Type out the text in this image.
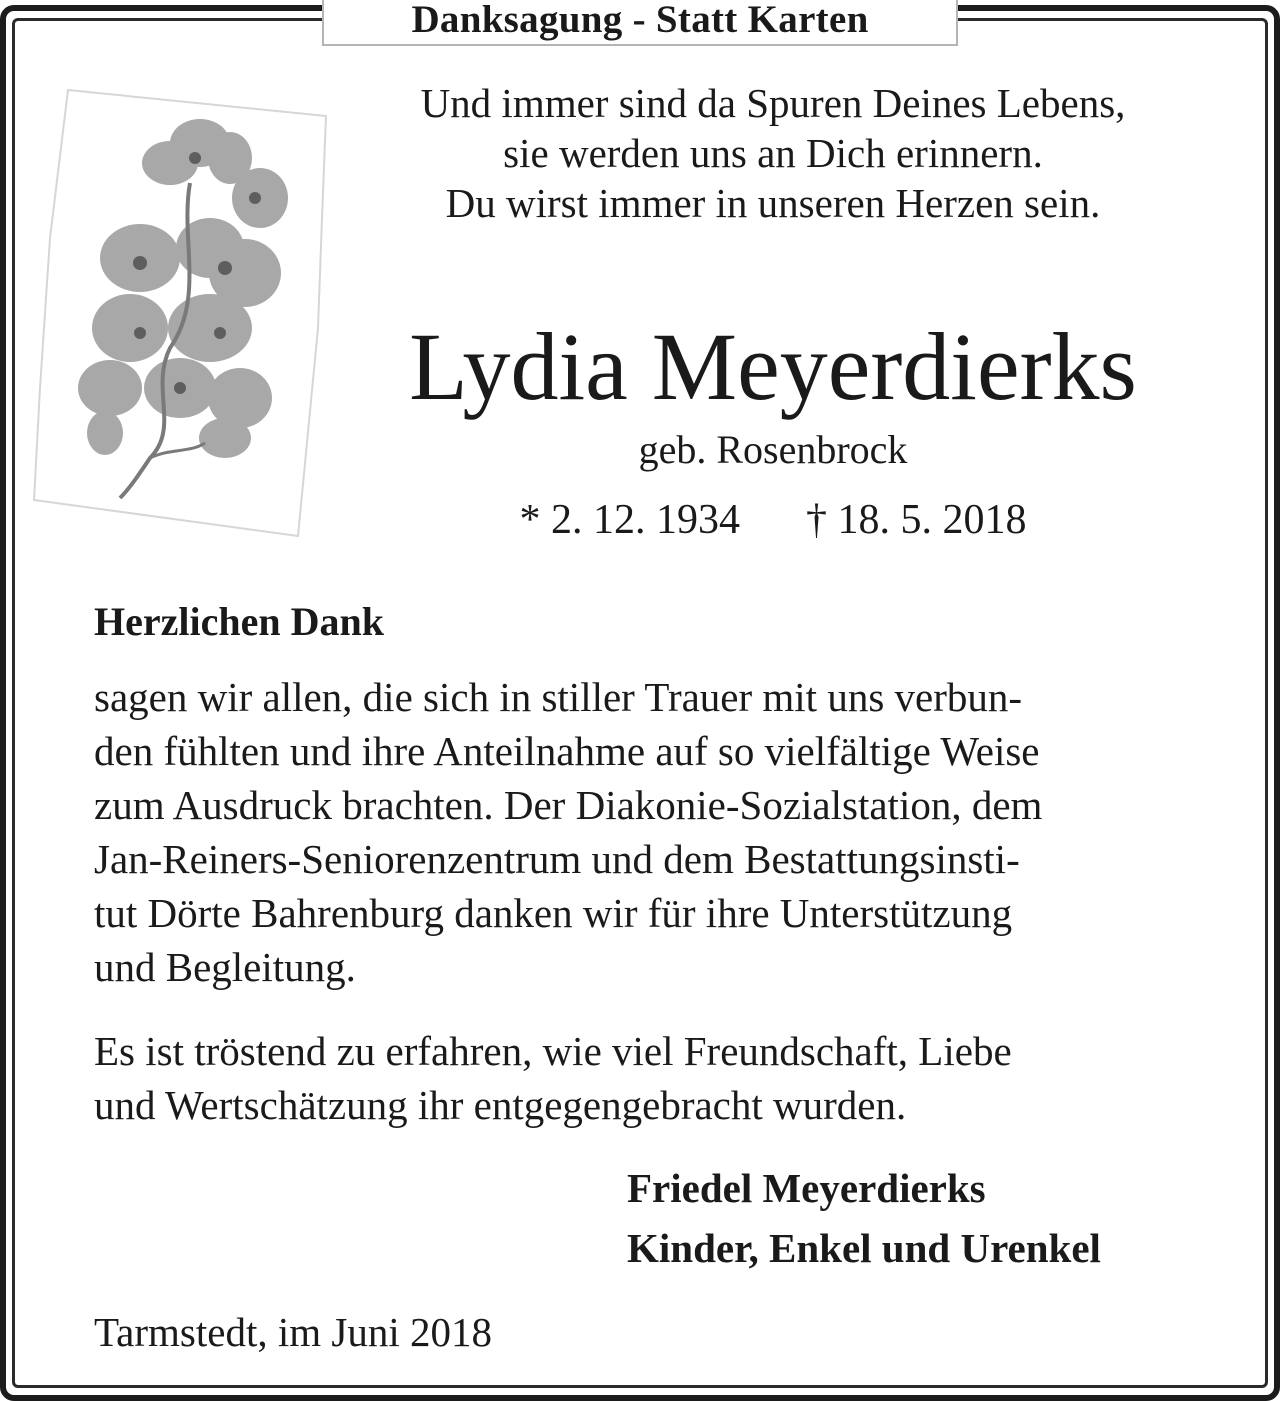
Danksagung - Statt Karten
Und immer sind da Spuren Deines Lebens,
sie werden uns an Dich erinnern.
Du wirst immer in unseren Herzen sein.
Lydia Meyerdierks
geb. Rosenbrock
* 2. 12. 1934 † 18. 5. 2018
Herzlichen Dank
sagen wir allen, die sich in stiller Trauer mit uns verbun-
den fühlten und ihre Anteilnahme auf so vielfältige Weise
zum Ausdruck brachten. Der Diakonie-Sozialstation, dem
Jan-Reiners-Seniorenzentrum und dem Bestattungsinsti-
tut Dörte Bahrenburg danken wir für ihre Unterstützung
und Begleitung.
Es ist tröstend zu erfahren, wie viel Freundschaft, Liebe
und Wertschätzung ihr entgegengebracht wurden.
Friedel Meyerdierks
Kinder, Enkel und Urenkel
Tarmstedt, im Juni 2018
